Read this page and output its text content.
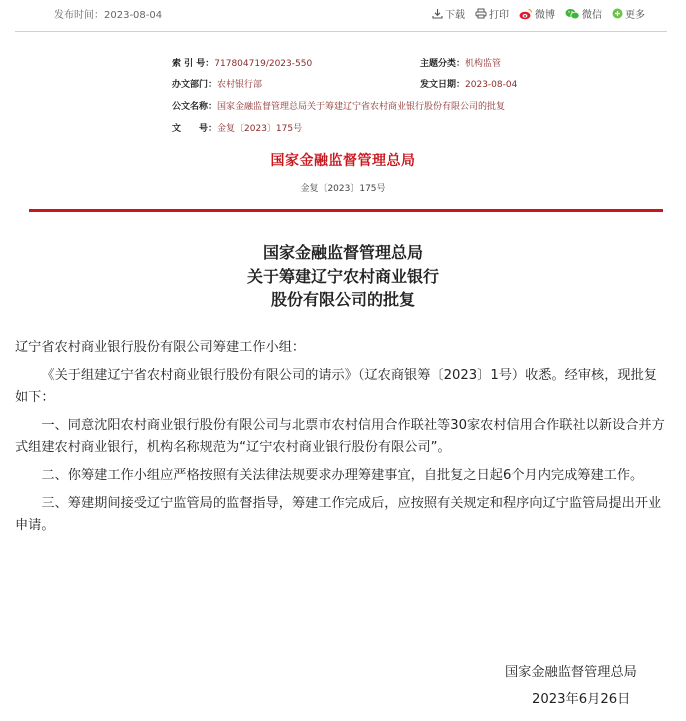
发布时间：2023-08-04	下载 打印	微博	微信 更多
索 引 号：717804719/2023-550	主题分类：机构监管
办文部门：农村银行部	发文日期：2023-08-04
公文名称：国家金融监督管理总局关于筹建辽宁省农村商业银行股份有限公司的批复
文　　号：金复〔2023〕175号
国家金融监督管理总局
金复〔2023〕175号
国家金融监督管理总局
关于筹建辽宁农村商业银行
股份有限公司的批复

辽宁省农村商业银行股份有限公司筹建工作小组：

《关于组建辽宁省农村商业银行股份有限公司的请示》（辽农商银筹〔2023〕1号）收悉。经审核，现批复如下：

一、同意沈阳农村商业银行股份有限公司与北票市农村信用合作联社等30家农村信用合作联社以新设合并方式组建农村商业银行，机构名称规范为“辽宁农村商业银行股份有限公司”。

二、你筹建工作小组应严格按照有关法律法规要求办理筹建事宜，自批复之日起6个月内完成筹建工作。

三、筹建期间接受辽宁监管局的监督指导，筹建工作完成后，应按照有关规定和程序向辽宁监管局提出开业申请。

国家金融监督管理总局
2023年6月26日
